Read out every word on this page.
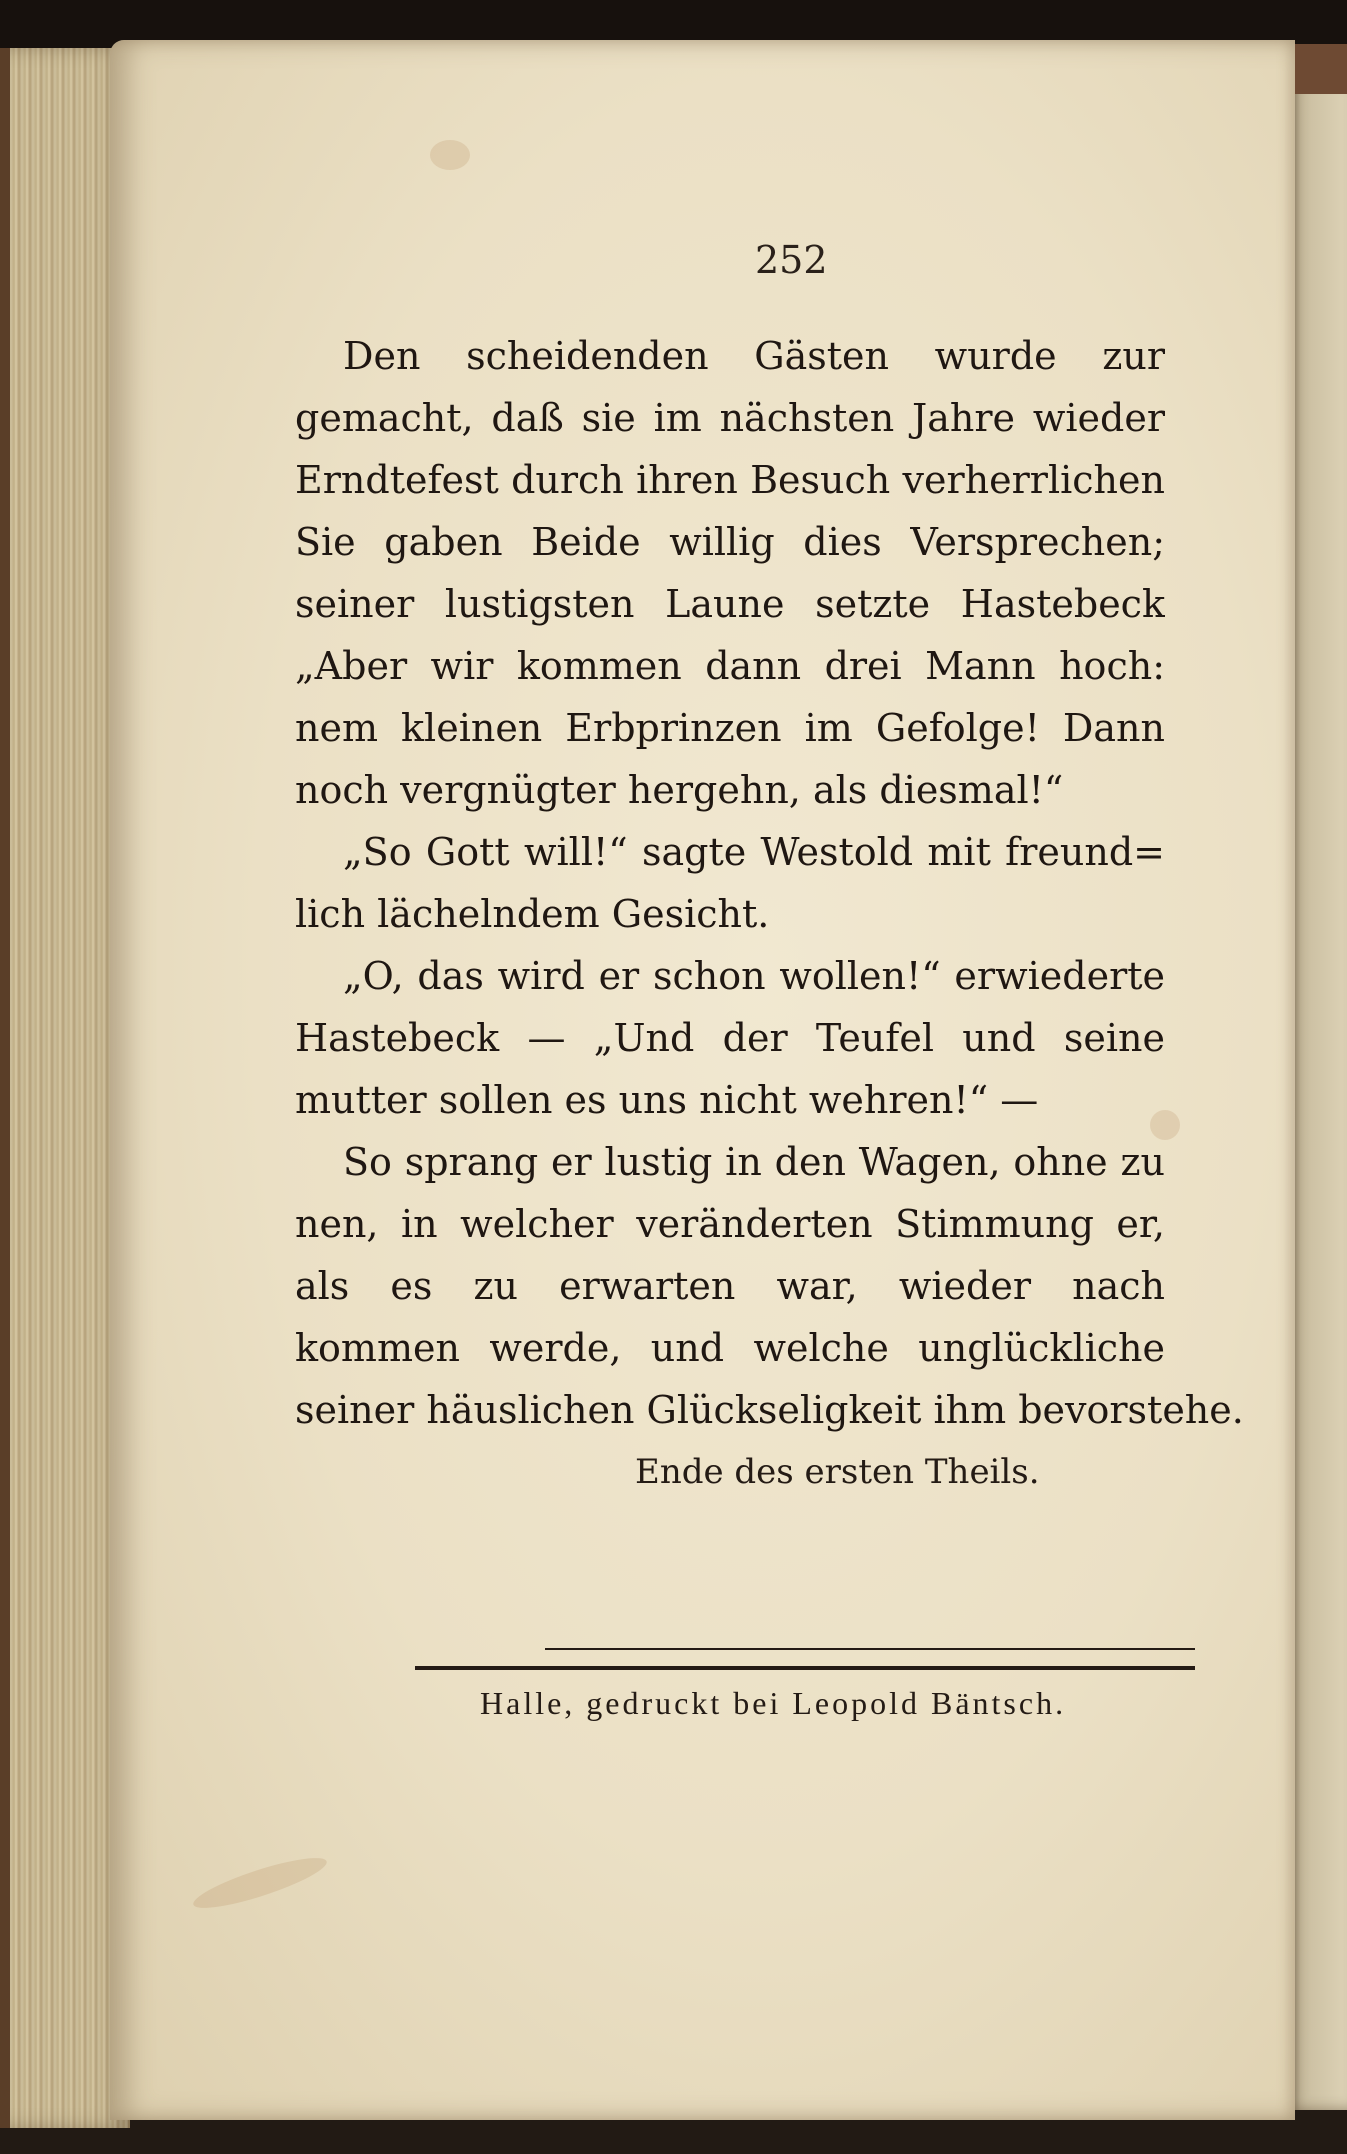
252
Den scheidenden Gästen wurde zur
gemacht, daß sie im nächsten Jahre wieder
Erndtefest durch ihren Besuch verherrlichen
Sie gaben Beide willig dies Versprechen;
seiner lustigsten Laune setzte Hastebeck
„Aber wir kommen dann drei Mann hoch:
nem kleinen Erbprinzen im Gefolge! Dann
noch vergnügter hergehn, als diesmal!“
„So Gott will!“ sagte Westold mit freund=
lich lächelndem Gesicht.
„O, das wird er schon wollen!“ erwiederte
Hastebeck — „Und der Teufel und seine
mutter sollen es uns nicht wehren!“ —
So sprang er lustig in den Wagen, ohne zu
nen, in welcher veränderten Stimmung er,
als es zu erwarten war, wieder nach
kommen werde, und welche unglückliche
seiner häuslichen Glückseligkeit ihm bevorstehe.
Ende des ersten Theils.
Halle, gedruckt bei Leopold Bäntsch.
